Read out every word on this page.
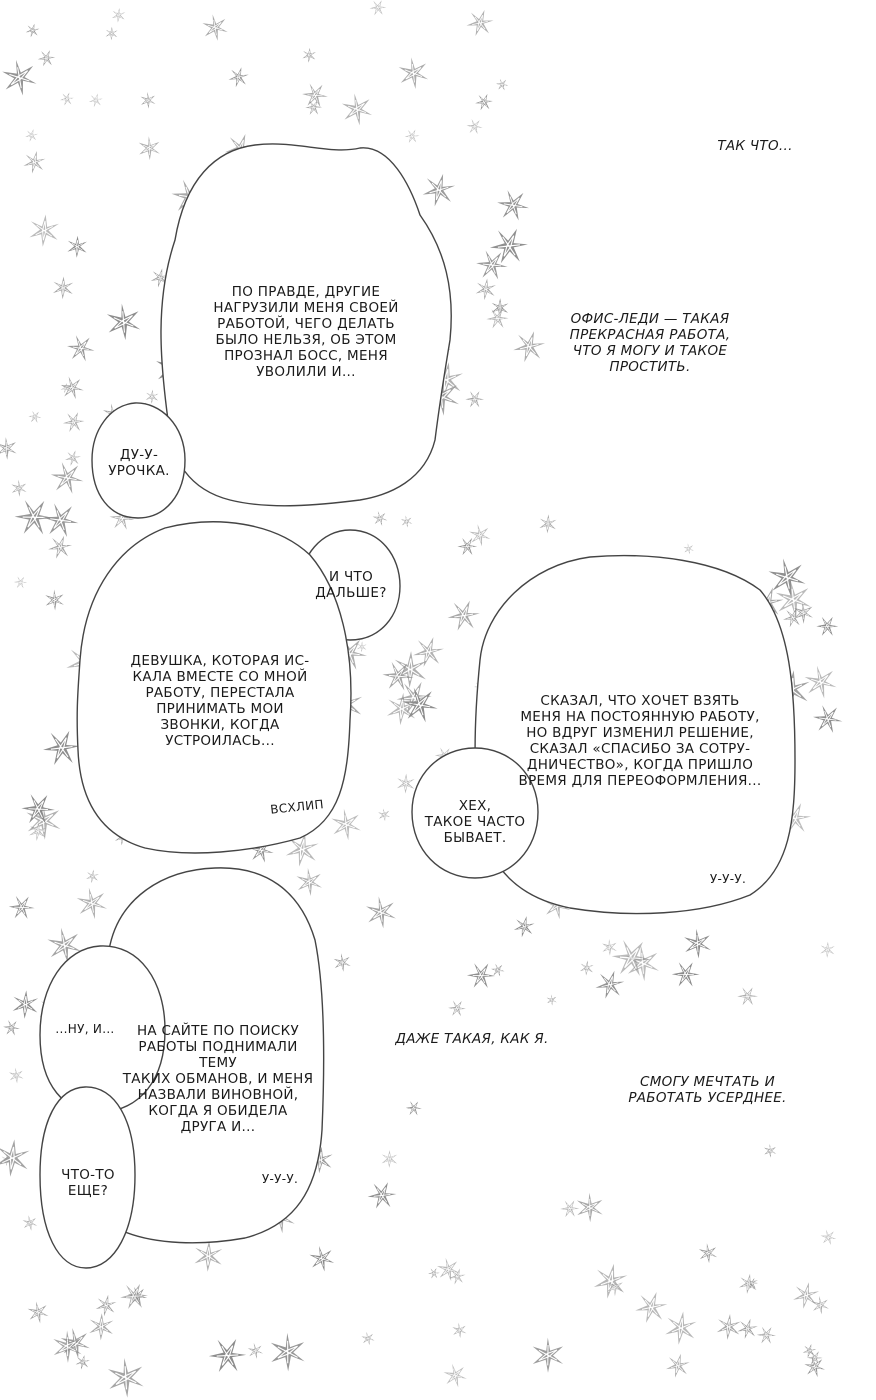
ТАК ЧТО...
ПО ПРАВДЕ, ДРУГИЕ
НАГРУЗИЛИ МЕНЯ СВОЕЙ
РАБОТОЙ, ЧЕГО ДЕЛАТЬ
БЫЛО НЕЛЬЗЯ, ОБ ЭТОМ
ПРОЗНАЛ БОСС, МЕНЯ
УВОЛИЛИ И...
ОФИС-ЛЕДИ — ТАКАЯ
ПРЕКРАСНАЯ РАБОТА,
ЧТО Я МОГУ И ТАКОЕ
ПРОСТИТЬ.
ДУ-У-
УРОЧКА.
И ЧТО
ДАЛЬШЕ?
ДЕВУШКА, КОТОРАЯ ИС-
КАЛА ВМЕСТЕ СО МНОЙ
РАБОТУ, ПЕРЕСТАЛА
ПРИНИМАТЬ МОИ
ЗВОНКИ, КОГДА
УСТРОИЛАСЬ...
ВСХЛИП
СКАЗАЛ, ЧТО ХОЧЕТ ВЗЯТЬ
МЕНЯ НА ПОСТОЯННУЮ РАБОТУ,
НО ВДРУГ ИЗМЕНИЛ РЕШЕНИЕ,
СКАЗАЛ «СПАСИБО ЗА СОТРУ-
ДНИЧЕСТВО», КОГДА ПРИШЛО
ВРЕМЯ ДЛЯ ПЕРЕОФОРМЛЕНИЯ...
ХЕХ,
ТАКОЕ ЧАСТО
БЫВАЕТ.
У-У-У.
...НУ, И...	НА САЙТЕ ПО ПОИСКУ
РАБОТЫ ПОДНИМАЛИ ТЕМУ
ТАКИХ ОБМАНОВ, И МЕНЯ
НАЗВАЛИ ВИНОВНОЙ,
КОГДА Я ОБИДЕЛА
ДРУГА И...
ДАЖЕ ТАКАЯ, КАК Я.
СМОГУ МЕЧТАТЬ И
РАБОТАТЬ УСЕРДНЕЕ.
У-У-У.
ЧТО-ТО
ЕЩЕ?
